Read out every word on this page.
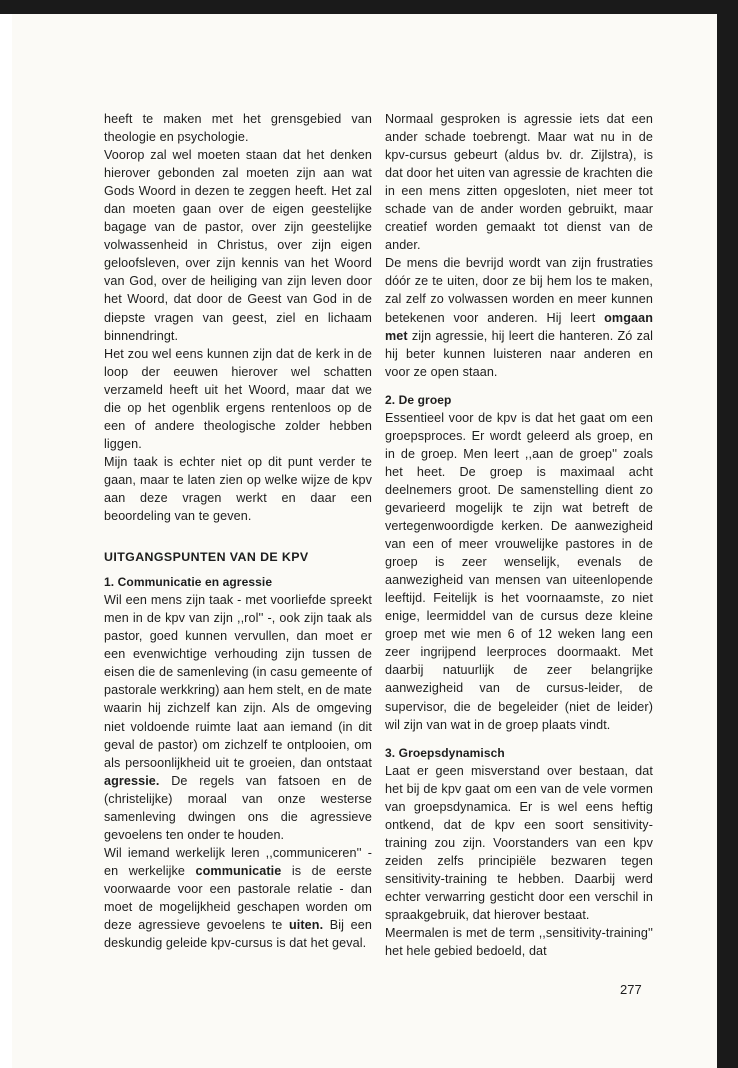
heeft te maken met het grensgebied van theologie en psychologie.

Voorop zal wel moeten staan dat het denken hierover gebonden zal moeten zijn aan wat Gods Woord in dezen te zeggen heeft. Het zal dan moeten gaan over de eigen geestelijke bagage van de pastor, over zijn geestelijke volwassenheid in Christus, over zijn eigen geloofsleven, over zijn kennis van het Woord van God, over de heiliging van zijn leven door het Woord, dat door de Geest van God in de diepste vragen van geest, ziel en lichaam binnendringt.

Het zou wel eens kunnen zijn dat de kerk in de loop der eeuwen hierover wel schatten verzameld heeft uit het Woord, maar dat we die op het ogenblik ergens rentenloos op de een of andere theologische zolder hebben liggen.

Mijn taak is echter niet op dit punt verder te gaan, maar te laten zien op welke wijze de kpv aan deze vragen werkt en daar een beoordeling van te geven.

UITGANGSPUNTEN VAN DE KPV
1. Communicatie en agressie

Wil een mens zijn taak - met voorliefde spreekt men in de kpv van zijn ,,rol'' -, ook zijn taak als pastor, goed kunnen vervullen, dan moet er een evenwichtige verhouding zijn tussen de eisen die de samenleving (in casu gemeente of pastorale werkkring) aan hem stelt, en de mate waarin hij zichzelf kan zijn. Als de omgeving niet voldoende ruimte laat aan iemand (in dit geval de pastor) om zichzelf te ontplooien, om als persoonlijkheid uit te groeien, dan ontstaat agressie. De regels van fatsoen en de (christelijke) moraal van onze westerse samenleving dwingen ons die agressieve gevoelens ten onder te houden.

Wil iemand werkelijk leren ,,communiceren'' - en werkelijke communicatie is de eerste voorwaarde voor een pastorale relatie - dan moet de mogelijkheid geschapen worden om deze agressieve gevoelens te uiten. Bij een deskundig geleide kpv-cursus is dat het geval.

Normaal gesproken is agressie iets dat een ander schade toebrengt. Maar wat nu in de kpv-cursus gebeurt (aldus bv. dr. Zijlstra), is dat door het uiten van agressie de krachten die in een mens zitten opgesloten, niet meer tot schade van de ander worden gebruikt, maar creatief worden gemaakt tot dienst van de ander.

De mens die bevrijd wordt van zijn frustraties dóór ze te uiten, door ze bij hem los te maken, zal zelf zo volwassen worden en meer kunnen betekenen voor anderen. Hij leert omgaan met zijn agressie, hij leert die hanteren. Zó zal hij beter kunnen luisteren naar anderen en voor ze open staan.

2. De groep

Essentieel voor de kpv is dat het gaat om een groepsproces. Er wordt geleerd als groep, en in de groep. Men leert ,,aan de groep'' zoals het heet. De groep is maximaal acht deelnemers groot. De samenstelling dient zo gevarieerd mogelijk te zijn wat betreft de vertegenwoordigde kerken. De aanwezigheid van een of meer vrouwelijke pastores in de groep is zeer wenselijk, evenals de aanwezigheid van mensen van uiteenlopende leeftijd. Feitelijk is het voornaamste, zo niet enige, leermiddel van de cursus deze kleine groep met wie men 6 of 12 weken lang een zeer ingrijpend leerproces doormaakt. Met daarbij natuurlijk de zeer belangrijke aanwezigheid van de cursus-leider, de supervisor, die de begeleider (niet de leider) wil zijn van wat in de groep plaats vindt.

3. Groepsdynamisch

Laat er geen misverstand over bestaan, dat het bij de kpv gaat om een van de vele vormen van groepsdynamica. Er is wel eens heftig ontkend, dat de kpv een soort sensitivity-training zou zijn. Voorstanders van een kpv zeiden zelfs principiële bezwaren tegen sensitivity-training te hebben. Daarbij werd echter verwarring gesticht door een verschil in spraakgebruik, dat hierover bestaat.

Meermalen is met de term ,,sensitivity-training'' het hele gebied bedoeld, dat

277
